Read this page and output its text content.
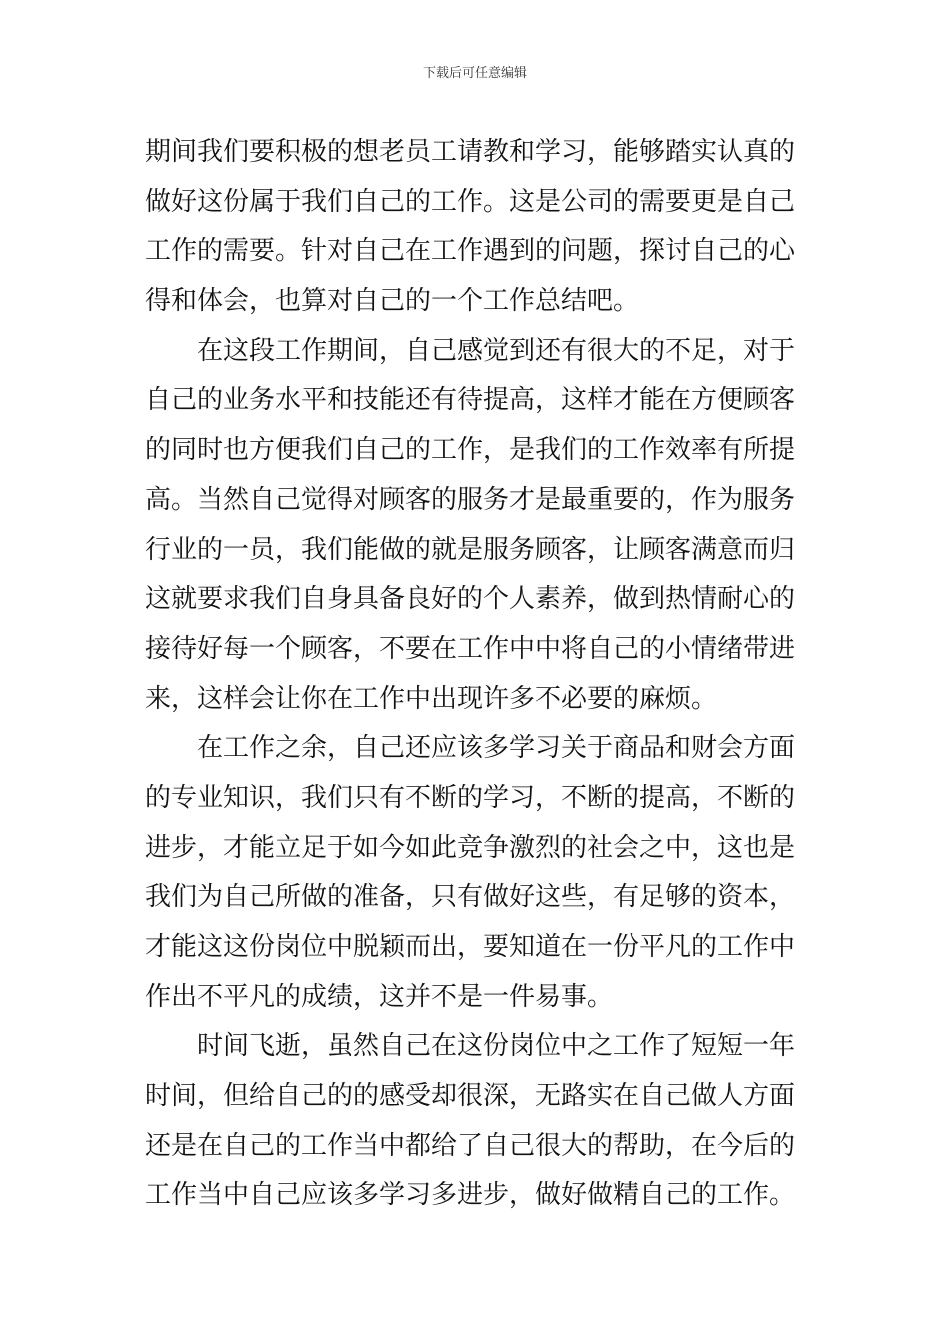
下载后可任意编辑
期间我们要积极的想老员工请教和学习，能够踏实认真的
做好这份属于我们自己的工作。这是公司的需要更是自己
工作的需要。针对自己在工作遇到的问题，探讨自己的心
得和体会，也算对自己的一个工作总结吧。
在这段工作期间，自己感觉到还有很大的不足，对于
自己的业务水平和技能还有待提高，这样才能在方便顾客
的同时也方便我们自己的工作，是我们的工作效率有所提
高。当然自己觉得对顾客的服务才是最重要的，作为服务
行业的一员，我们能做的就是服务顾客，让顾客满意而归
这就要求我们自身具备良好的个人素养，做到热情耐心的
接待好每一个顾客，不要在工作中中将自己的小情绪带进
来，这样会让你在工作中出现许多不必要的麻烦。
在工作之余，自己还应该多学习关于商品和财会方面
的专业知识，我们只有不断的学习，不断的提高，不断的
进步，才能立足于如今如此竞争激烈的社会之中，这也是
我们为自己所做的准备，只有做好这些，有足够的资本，
才能这这份岗位中脱颖而出，要知道在一份平凡的工作中
作出不平凡的成绩，这并不是一件易事。
时间飞逝，虽然自己在这份岗位中之工作了短短一年
时间，但给自己的的感受却很深，无路实在自己做人方面
还是在自己的工作当中都给了自己很大的帮助，在今后的
工作当中自己应该多学习多进步，做好做精自己的工作。
